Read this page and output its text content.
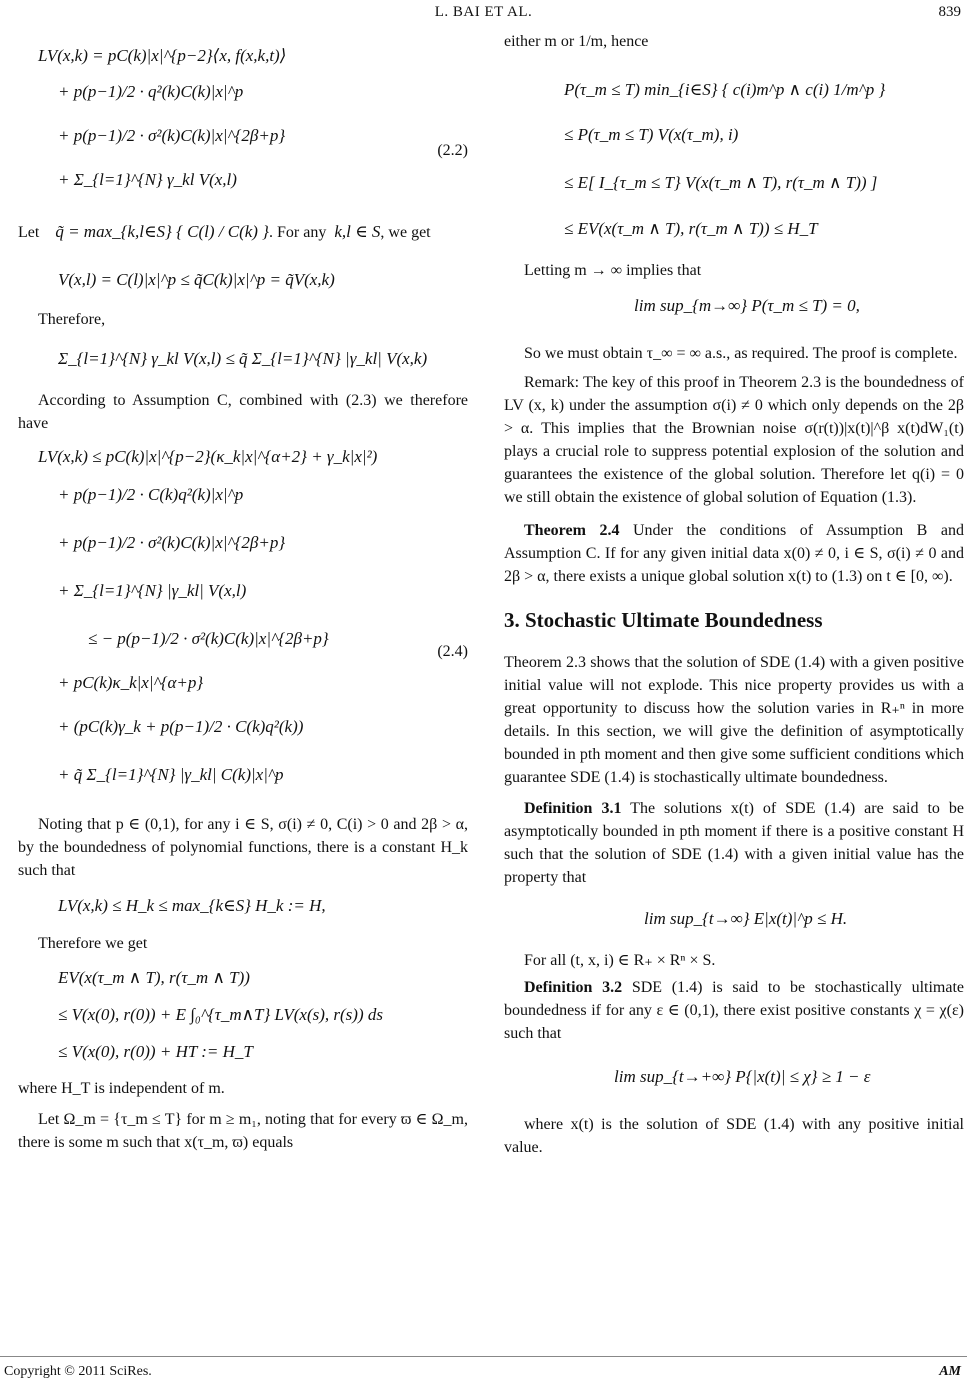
L. BAI ET AL.	839
LV(x,k) = pC(k)|x|^{p−2}⟨x, f(x,k,t)⟩
+ p(p−1)/2 · q²(k)C(k)|x|^p
+ p(p−1)/2 · σ²(k)C(k)|x|^{2β+p}
+ Σ_{l=1}^{N} γ_kl V(x,l)
(2.2)

Let q̃ = max_{k,l∈S} { C(l) / C(k) }. For any k,l ∈ S, we get

V(x,l) = C(l)|x|^p ≤ q̃C(k)|x|^p = q̃V(x,k)

Therefore,

Σ_{l=1}^{N} γ_kl V(x,l) ≤ q̃ Σ_{l=1}^{N} |γ_kl| V(x,k)

According to Assumption C, combined with (2.3) we therefore have

LV(x,k) ≤ pC(k)|x|^{p−2}(κ_k|x|^{α+2} + γ_k|x|²)
+ p(p−1)/2 · C(k)q²(k)|x|^p
+ p(p−1)/2 · σ²(k)C(k)|x|^{2β+p}
+ Σ_{l=1}^{N} |γ_kl| V(x,l)
≤ − p(p−1)/2 · σ²(k)C(k)|x|^{2β+p}
+ pC(k)κ_k|x|^{α+p}
+ (pC(k)γ_k + p(p−1)/2 · C(k)q²(k))
+ q̃ Σ_{l=1}^{N} |γ_kl| C(k)|x|^p
(2.4)

Noting that p ∈ (0,1), for any i ∈ S, σ(i) ≠ 0, C(i) > 0 and 2β > α, by the boundedness of polynomial functions, there is a constant H_k such that

LV(x,k) ≤ H_k ≤ max_{k∈S} H_k := H,

Therefore we get

EV(x(τ_m ∧ T), r(τ_m ∧ T))
≤ V(x(0), r(0)) + E ∫₀^{τ_m∧T} LV(x(s), r(s)) ds
≤ V(x(0), r(0)) + HT := H_T

where H_T is independent of m.

Let Ω_m = {τ_m ≤ T} for m ≥ m₁, noting that for every ϖ ∈ Ω_m, there is some m such that x(τ_m, ϖ) equals

either m or 1/m, hence

P(τ_m ≤ T) min_{i∈S} { c(i)m^p ∧ c(i) 1/m^p }
≤ P(τ_m ≤ T) V(x(τ_m), i)
≤ E[ I_{τ_m ≤ T} V(x(τ_m ∧ T), r(τ_m ∧ T)) ]
≤ EV(x(τ_m ∧ T), r(τ_m ∧ T)) ≤ H_T

Letting m → ∞ implies that

lim sup_{m→∞} P(τ_m ≤ T) = 0,

So we must obtain τ_∞ = ∞ a.s., as required. The proof is complete.

Remark: The key of this proof in Theorem 2.3 is the boundedness of LV (x, k) under the assumption σ(i) ≠ 0 which only depends on the 2β > α. This implies that the Brownian noise σ(r(t))|x(t)|^β x(t)dW₁(t) plays a crucial role to suppress potential explosion of the solution and guarantees the existence of the global solution. Therefore let q(i) = 0 we still obtain the existence of global solution of Equation (1.3).

Theorem 2.4 Under the conditions of Assumption B and Assumption C. If for any given initial data x(0) ≠ 0, i ∈ S, σ(i) ≠ 0 and 2β > α, there exists a unique global solution x(t) to (1.3) on t ∈ [0, ∞).

3. Stochastic Ultimate Boundedness

Theorem 2.3 shows that the solution of SDE (1.4) with a given positive initial value will not explode. This nice property provides us with a great opportunity to discuss how the solution varies in R₊ⁿ in more details. In this section, we will give the definition of asymptotically bounded in pth moment and then give some sufficient conditions which guarantee SDE (1.4) is stochastically ultimate boundedness.

Definition 3.1 The solutions x(t) of SDE (1.4) are said to be asymptotically bounded in pth moment if there is a positive constant H such that the solution of SDE (1.4) with a given initial value has the property that

lim sup_{t→∞} E|x(t)|^p ≤ H.

For all (t, x, i) ∈ R₊ × Rⁿ × S.

Definition 3.2 SDE (1.4) is said to be stochastically ultimate boundedness if for any ε ∈ (0,1), there exist positive constants χ = χ(ε) such that

lim sup_{t→+∞} P{|x(t)| ≤ χ} ≥ 1 − ε

where x(t) is the solution of SDE (1.4) with any positive initial value.

Copyright © 2011 SciRes.	AM
